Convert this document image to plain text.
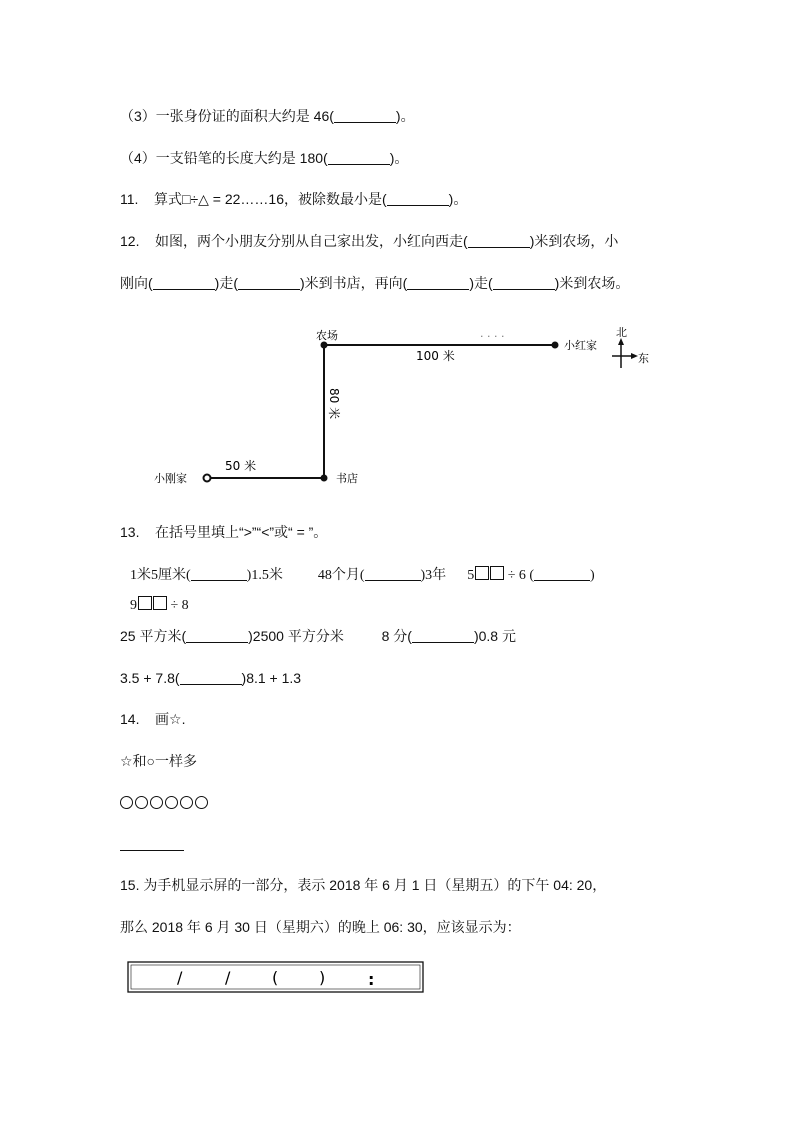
（3）一张身份证的面积大约是 46(	)。
（4）一支铅笔的长度大约是 180(	)。
11. 算式□÷△ = 22……16，被除数最小是(	)。
12. 如图，两个小朋友分别从自己家出发，小红向西走(	)米到农场，小
刚向(	)走(	)米到书店，再向(	)走(	)米到农场。
农场
小红家
小刚家	书店
100 米
50 米
80 米
· · · ·	北
东
13. 在括号里填上“>”“<”或“ = ”。
1米5厘米(	)1.5米	48个月(	)3年 5 ÷ 6 (	)
9 ÷ 8
25 平方米(	)2500 平方分米	8 分(	)0.8 元
3.5 + 7.8(	)8.1 + 1.3
14. 画☆.
☆和○一样多
15. 为手机显示屏的一部分，表示 2018 年 6 月 1 日（星期五）的下午 04: 20，
那么 2018 年 6 月 30 日（星期六）的晚上 06: 30，应该显示为：
/	/	(	)	:
